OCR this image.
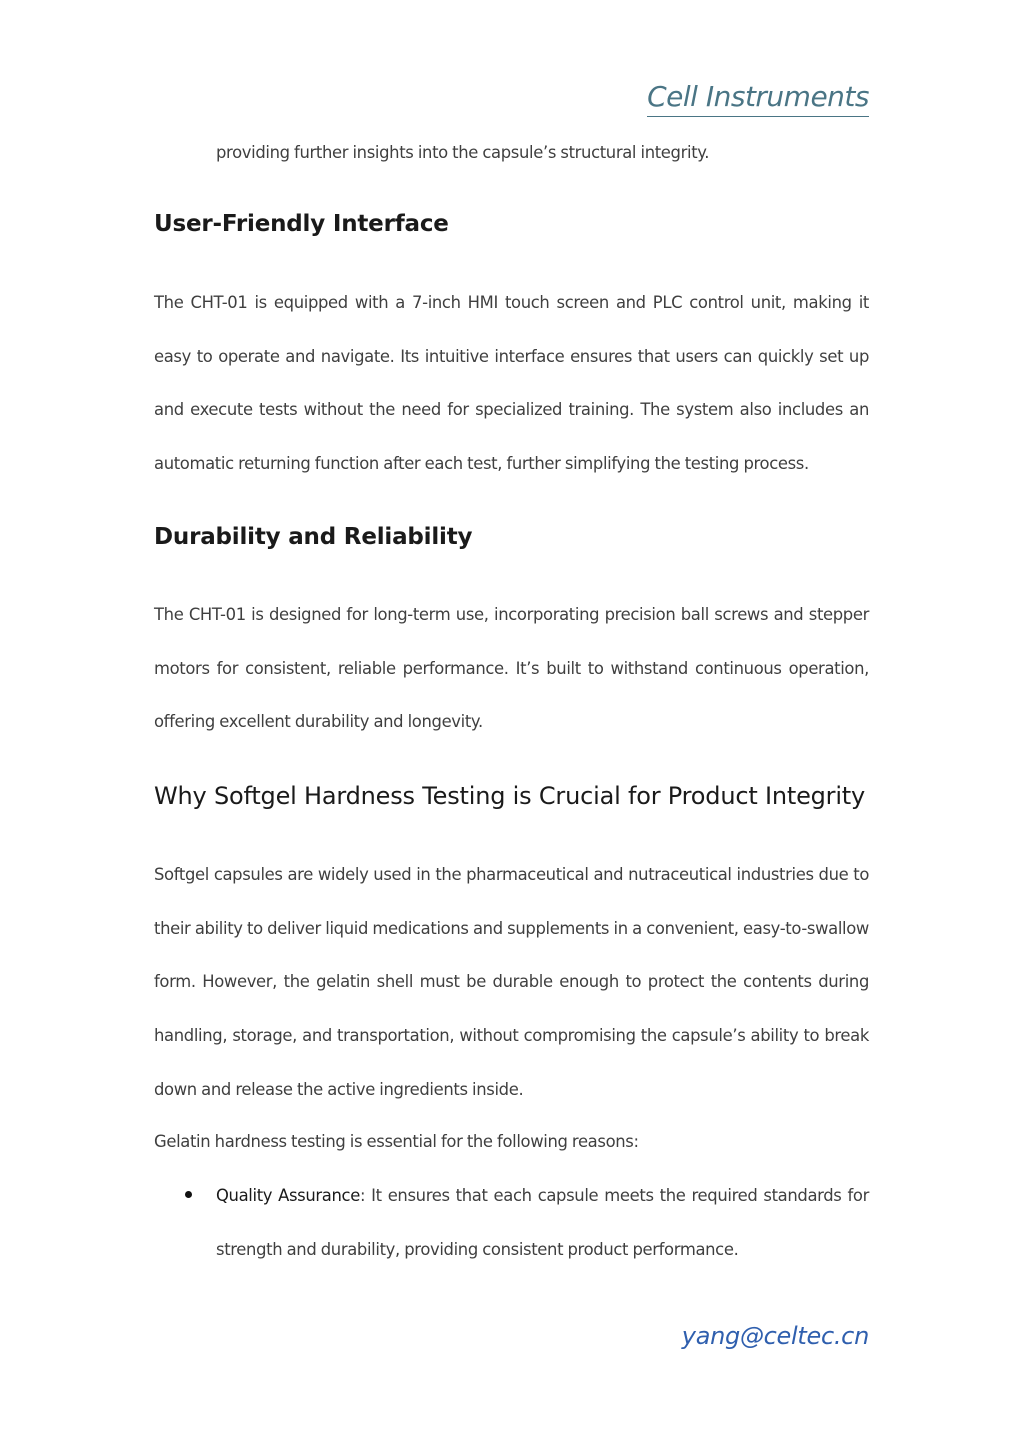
Cell Instruments
providing further insights into the capsule’s structural integrity.
User-Friendly Interface
The CHT-01 is equipped with a 7-inch HMI touch screen and PLC control unit, making it easy to operate and navigate. Its intuitive interface ensures that users can quickly set up and execute tests without the need for specialized training. The system also includes an automatic returning function after each test, further simplifying the testing process.
Durability and Reliability
The CHT-01 is designed for long-term use, incorporating precision ball screws and stepper motors for consistent, reliable performance. It’s built to withstand continuous operation, offering excellent durability and longevity.
Why Softgel Hardness Testing is Crucial for Product Integrity
Softgel capsules are widely used in the pharmaceutical and nutraceutical industries due to their ability to deliver liquid medications and supplements in a convenient, easy-to-swallow form. However, the gelatin shell must be durable enough to protect the contents during handling, storage, and transportation, without compromising the capsule’s ability to break down and release the active ingredients inside.
Gelatin hardness testing is essential for the following reasons:
Quality Assurance: It ensures that each capsule meets the required standards for strength and durability, providing consistent product performance.
yang@celtec.cn
